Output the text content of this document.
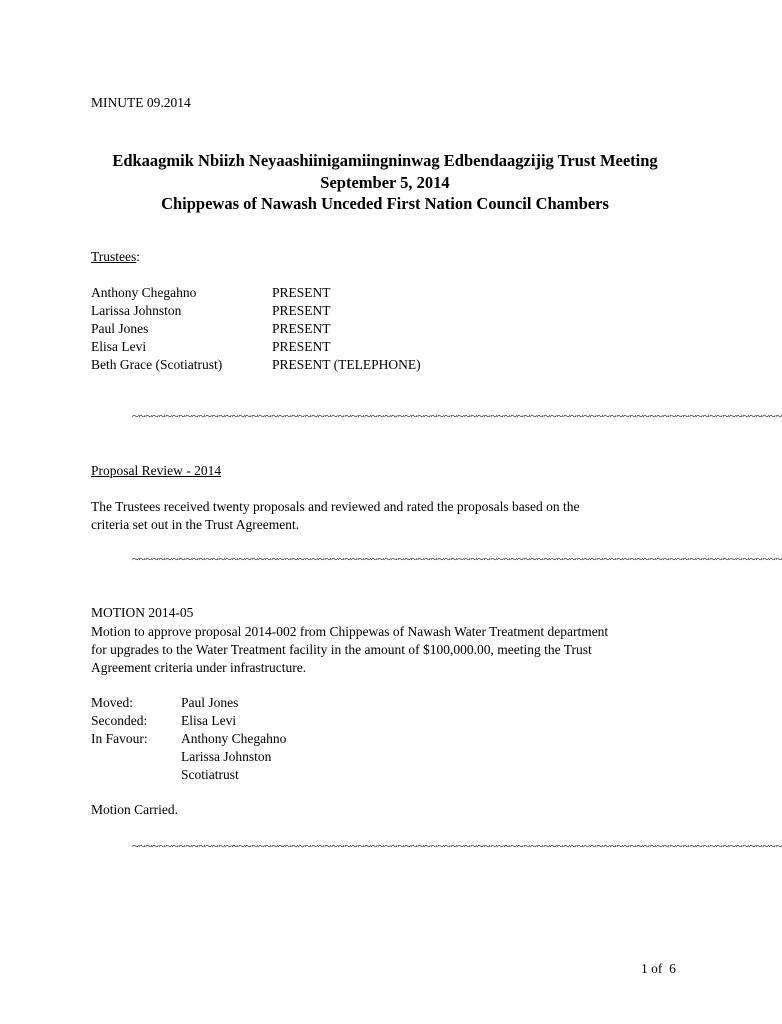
MINUTE 09.2014
Edkaagmik Nbiizh Neyaashiinigamiingninwag Edbendaagzijig Trust Meeting
September 5, 2014
Chippewas of Nawash Unceded First Nation Council Chambers
Trustees:
Anthony Chegahno	PRESENT
Larissa Johnston	PRESENT
Paul Jones	PRESENT
Elisa Levi	PRESENT
Beth Grace (Scotiatrust)	PRESENT (TELEPHONE)
~~~~~~~~~~~~~~~~~~~~~~~~~~~~~~~~~~~~~~~~~~~~~~~~~~~~~~~~~~~~~~~~~~~~~~~~~~~~~~~~~~~~~~~~~~~~~~~~~~
Proposal Review - 2014
The Trustees received twenty proposals and reviewed and rated the proposals based on the
criteria set out in the Trust Agreement.
~~~~~~~~~~~~~~~~~~~~~~~~~~~~~~~~~~~~~~~~~~~~~~~~~~~~~~~~~~~~~~~~~~~~~~~~~~~~~~~~~~~~~~~~~~~~~~~~~~
MOTION 2014-05
Motion to approve proposal 2014-002 from Chippewas of Nawash Water Treatment department
for upgrades to the Water Treatment facility in the amount of $100,000.00, meeting the Trust
Agreement criteria under infrastructure.
Moved:	Paul Jones
Seconded:	Elisa Levi
In Favour: Anthony Chegahno
Larissa Johnston
Scotiatrust
Motion Carried.
~~~~~~~~~~~~~~~~~~~~~~~~~~~~~~~~~~~~~~~~~~~~~~~~~~~~~~~~~~~~~~~~~~~~~~~~~~~~~~~~~~~~~~~~~~~~~~~~~~
1 of  6
